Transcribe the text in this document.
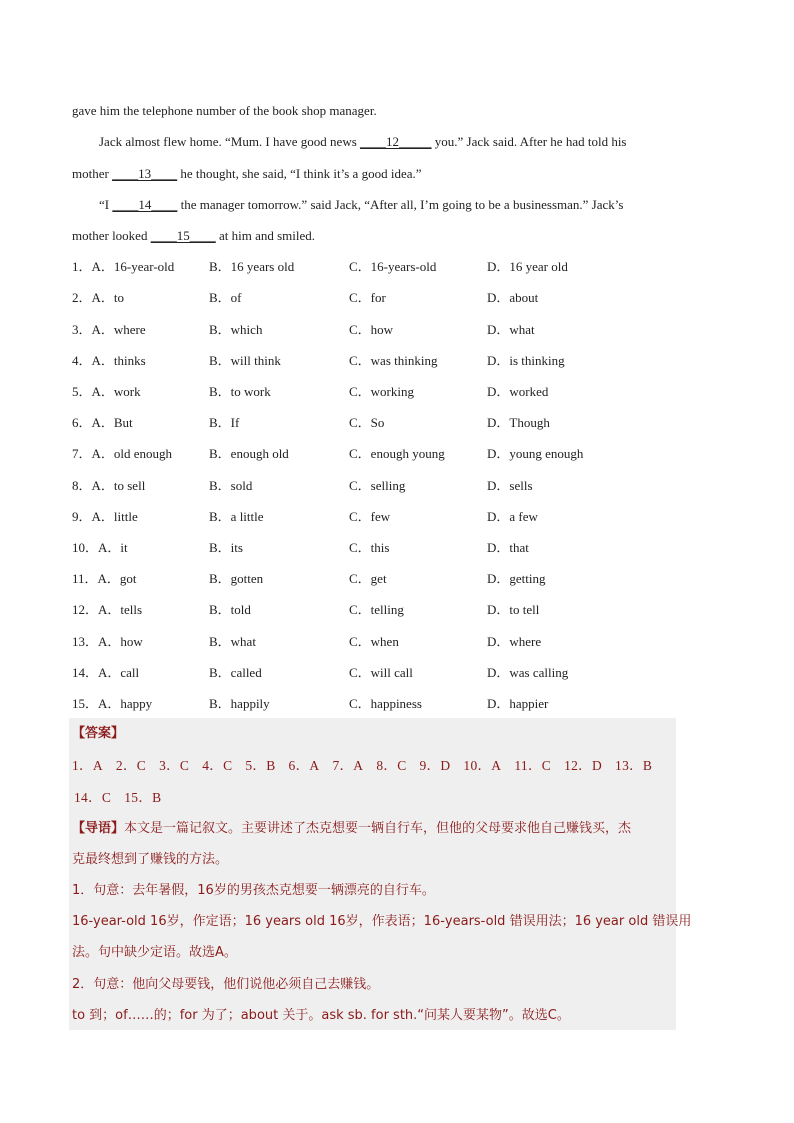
gave him the telephone number of the book shop manager.
Jack almost flew home. “Mum. I have good news ____12_____ you.” Jack said. After he had told his
mother ____13____ he thought, she said, “I think it’s a good idea.”
“I ____14____ the manager tomorrow.” said Jack, “After all, I’m going to be a businessman.” Jack’s
mother looked ____15____ at him and smiled.
1．A．16-year-old	B．16 years old	C．16-years-old	D．16 year old
2．A．to	B．of	C．for	D．about
3．A．where	B．which	C．how	D．what
4．A．thinks	B．will think	C．was thinking	D．is thinking
5．A．work	B．to work	C．working	D．worked
6．A．But	B．If	C．So	D．Though
7．A．old enough	B．enough old	C．enough young	D．young enough
8．A．to sell	B．sold	C．selling	D．sells
9．A．little	B．a little	C．few	D．a few
10．A．it	B．its	C．this	D．that
11．A．got	B．gotten	C．get	D．getting
12．A．tells	B．told	C．telling	D．to tell
13．A．how	B．what	C．when	D．where
14．A．call	B．called	C．will call	D．was calling
15．A．happy	B．happily	C．happiness	D．happier
【答案】
1．A 2．C 3．C 4．C 5．B 6．A 7．A 8．C 9．D 10．A 11．C 12．D 13．B
14．C 15．B
【导语】本文是一篇记叙文。主要讲述了杰克想要一辆自行车，但他的父母要求他自己赚钱买，杰
克最终想到了赚钱的方法。
1．句意：去年暑假，16岁的男孩杰克想要一辆漂亮的自行车。
16-year-old 16岁，作定语；16 years old 16岁，作表语；16-years-old 错误用法；16 year old 错误用
法。句中缺少定语。故选A。
2．句意：他向父母要钱，他们说他必须自己去赚钱。
to 到；of……的；for 为了；about 关于。ask sb. for sth.“问某人要某物”。故选C。
